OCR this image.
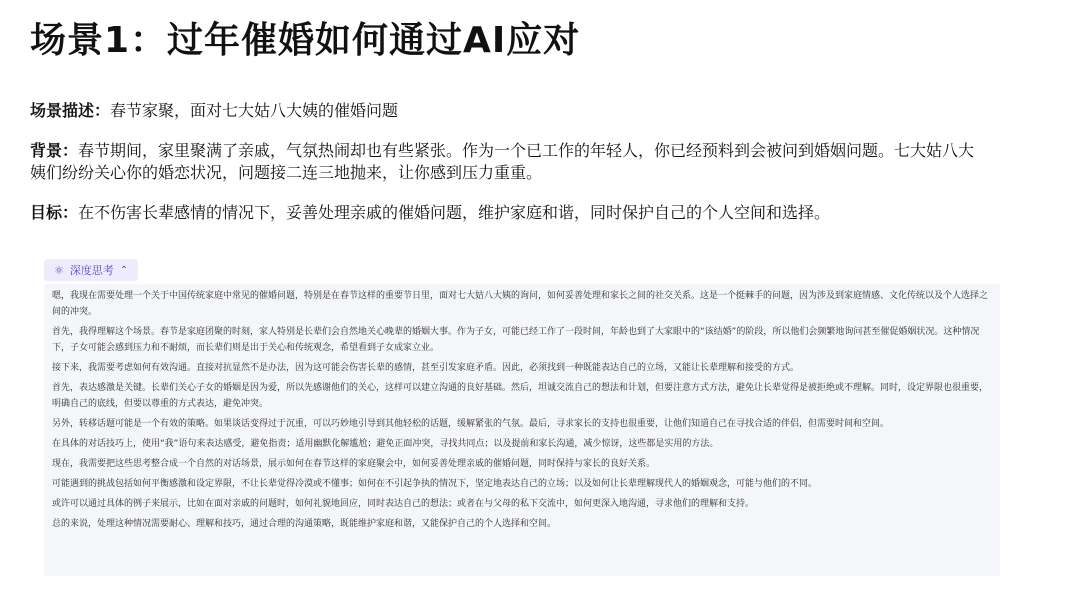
场景1：过年催婚如何通过AI应对
场景描述：春节家聚，面对七大姑八大姨的催婚问题
背景：春节期间，家里聚满了亲戚，气氛热闹却也有些紧张。作为一个已工作的年轻人，你已经预料到会被问到婚姻问题。七大姑八大姨们纷纷关心你的婚恋状况，问题接二连三地抛来，让你感到压力重重。
目标：在不伤害长辈感情的情况下，妥善处理亲戚的催婚问题，维护家庭和谐，同时保护自己的个人空间和选择。
⚛ 深度思考 ⌃
嗯，我现在需要处理一个关于中国传统家庭中常见的催婚问题，特别是在春节这样的重要节日里，面对七大姑八大姨的询问，如何妥善处理和家长之间的社交关系。这是一个挺棘手的问题，因为涉及到家庭情感、文化传统以及个人选择之间的冲突。
首先，我得理解这个场景。春节是家庭团聚的时刻，家人特别是长辈们会自然地关心晚辈的婚姻大事。作为子女，可能已经工作了一段时间，年龄也到了大家眼中的“该结婚”的阶段，所以他们会频繁地询问甚至催促婚姻状况。这种情况下，子女可能会感到压力和不耐烦，而长辈们则是出于关心和传统观念，希望看到子女成家立业。
接下来，我需要考虑如何有效沟通。直接对抗显然不是办法，因为这可能会伤害长辈的感情，甚至引发家庭矛盾。因此，必须找到一种既能表达自己的立场，又能让长辈理解和接受的方式。
首先，表达感激是关键。长辈们关心子女的婚姻是因为爱，所以先感谢他们的关心，这样可以建立沟通的良好基础。然后，坦诚交流自己的想法和计划，但要注意方式方法，避免让长辈觉得是被拒绝或不理解。同时，设定界限也很重要，明确自己的底线，但要以尊重的方式表达，避免冲突。
另外，转移话题可能是一个有效的策略。如果谈话变得过于沉重，可以巧妙地引导到其他轻松的话题，缓解紧张的气氛。最后，寻求家长的支持也很重要，让他们知道自己在寻找合适的伴侣，但需要时间和空间。
在具体的对话技巧上，使用“我”语句来表达感受，避免指责；适用幽默化解尴尬；避免正面冲突，寻找共同点；以及提前和家长沟通，减少惊讶，这些都是实用的方法。
现在，我需要把这些思考整合成一个自然的对话场景，展示如何在春节这样的家庭聚会中，如何妥善处理亲戚的催婚问题，同时保持与家长的良好关系。
可能遇到的挑战包括如何平衡感激和设定界限，不让长辈觉得冷漠或不懂事；如何在不引起争执的情况下，坚定地表达自己的立场；以及如何让长辈理解现代人的婚姻观念，可能与他们的不同。
或许可以通过具体的例子来展示，比如在面对亲戚的问题时，如何礼貌地回应，同时表达自己的想法；或者在与父母的私下交流中，如何更深入地沟通，寻求他们的理解和支持。
总的来说，处理这种情况需要耐心、理解和技巧，通过合理的沟通策略，既能维护家庭和谐，又能保护自己的个人选择和空间。
